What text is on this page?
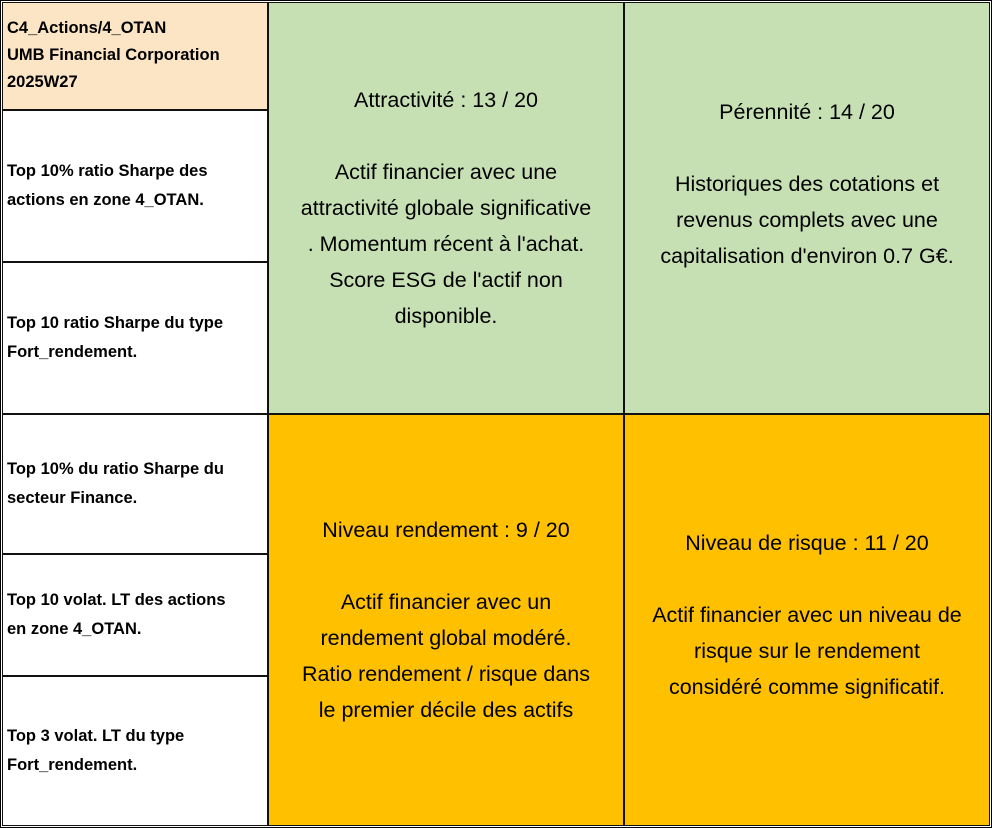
C4_Actions/4_OTAN
UMB Financial Corporation
2025W27
Top 10% ratio Sharpe des
actions en zone 4_OTAN.
Top 10 ratio Sharpe du type
Fort_rendement.
Top 10% du ratio Sharpe du
secteur Finance.
Top 10 volat. LT des actions
en zone 4_OTAN.
Top 3 volat. LT du type
Fort_rendement.
Attractivité : 13 / 20
Actif financier avec une
attractivité globale significative
. Momentum récent à l'achat.
Score ESG de l'actif non
disponible.
Pérennité : 14 / 20
Historiques des cotations et
revenus complets avec une
capitalisation d'environ 0.7 G€.
Niveau rendement : 9 / 20
Actif financier avec un
rendement global modéré.
Ratio rendement / risque dans
le premier décile des actifs
Niveau de risque : 11 / 20
Actif financier avec un niveau de
risque sur le rendement
considéré comme significatif.
